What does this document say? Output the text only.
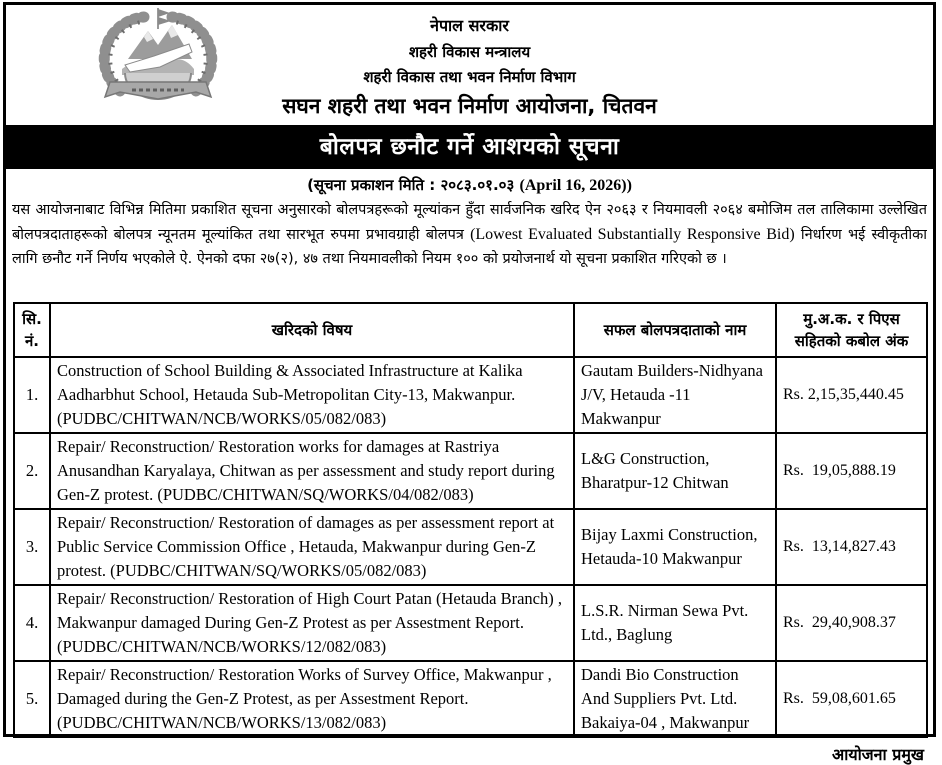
नेपाल सरकार
शहरी विकास मन्त्रालय
शहरी विकास तथा भवन निर्माण विभाग
सघन शहरी तथा भवन निर्माण आयोजना, चितवन
बोलपत्र छनौट गर्ने आशयको सूचना
(सूचना प्रकाशन मिति : २०८३.०१.०३ (April 16, 2026))
यस आयोजनाबाट विभिन्न मितिमा प्रकाशित सूचना अनुसारको बोलपत्रहरूको मूल्यांकन हुँदा सार्वजनिक खरिद ऐन २०६३ र नियमावली २०६४ बमोजिम तल तालिकामा उल्लेखित बोलपत्रदाताहरूको बोलपत्र न्यूनतम मूल्यांकित तथा सारभूत रुपमा प्रभावग्राही बोलपत्र (Lowest Evaluated Substantially Responsive Bid) निर्धारण भई स्वीकृतीका लागि छनौट गर्ने निर्णय भएकोले ऐ. ऐनको दफा २७(२), ४७ तथा नियमावलीको नियम १०० को प्रयोजनार्थ यो सूचना प्रकाशित गरिएको छ ।
सि. नं.	खरिदको विषय	सफल बोलपत्रदाताको नाम	मु.अ.क. र पिएस सहितको कबोल अंक
1.	Construction of School Building & Associated Infrastructure at Kalika Aadharbhut School, Hetauda Sub-Metropolitan City-13, Makwanpur. (PUDBC/CHITWAN/NCB/WORKS/05/082/083)	Gautam Builders-Nidhyana J/V, Hetauda -11 Makwanpur	Rs. 2,15,35,440.45
2.	Repair/ Reconstruction/ Restoration works for damages at Rastriya Anusandhan Karyalaya, Chitwan as per assessment and study report during Gen-Z protest. (PUDBC/CHITWAN/SQ/WORKS/04/082/083)	L&G Construction, Bharatpur-12 Chitwan	Rs.  19,05,888.19
3.	Repair/ Reconstruction/ Restoration of damages as per assessment report at Public Service Commission Office , Hetauda, Makwanpur during Gen-Z protest. (PUDBC/CHITWAN/SQ/WORKS/05/082/083)	Bijay Laxmi Construction, Hetauda-10 Makwanpur	Rs.  13,14,827.43
4.	Repair/ Reconstruction/ Restoration of High Court Patan (Hetauda Branch) , Makwanpur damaged During Gen-Z Protest as per Assestment Report. (PUDBC/CHITWAN/NCB/WORKS/12/082/083)	L.S.R. Nirman Sewa Pvt. Ltd., Baglung	Rs.  29,40,908.37
5.	Repair/ Reconstruction/ Restoration Works of Survey Office, Makwanpur , Damaged during the Gen-Z Protest, as per Assestment Report. (PUDBC/CHITWAN/NCB/WORKS/13/082/083)	Dandi Bio Construction And Suppliers Pvt. Ltd. Bakaiya-04 , Makwanpur	Rs.  59,08,601.65
आयोजना प्रमुख
